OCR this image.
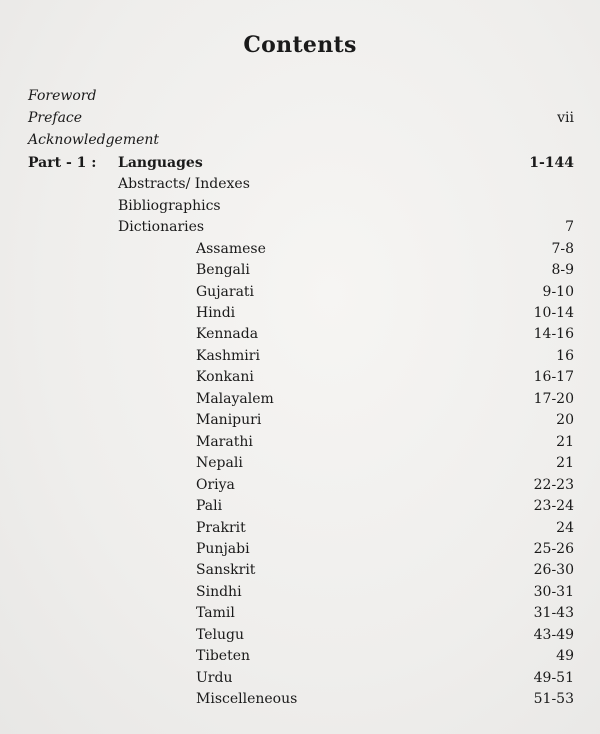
Contents
Foreword
Preface	vii
Acknowledgement
Part - 1 : Languages	1-144
Abstracts/ Indexes
Bibliographics
Dictionaries	7
Assamese	7-8
Bengali	8-9
Gujarati	9-10
Hindi	10-14
Kennada	14-16
Kashmiri	16
Konkani	16-17
Malayalem	17-20
Manipuri	20
Marathi	21
Nepali	21
Oriya	22-23
Pali	23-24
Prakrit	24
Punjabi	25-26
Sanskrit	26-30
Sindhi	30-31
Tamil	31-43
Telugu	43-49
Tibeten	49
Urdu	49-51
Miscelleneous	51-53
